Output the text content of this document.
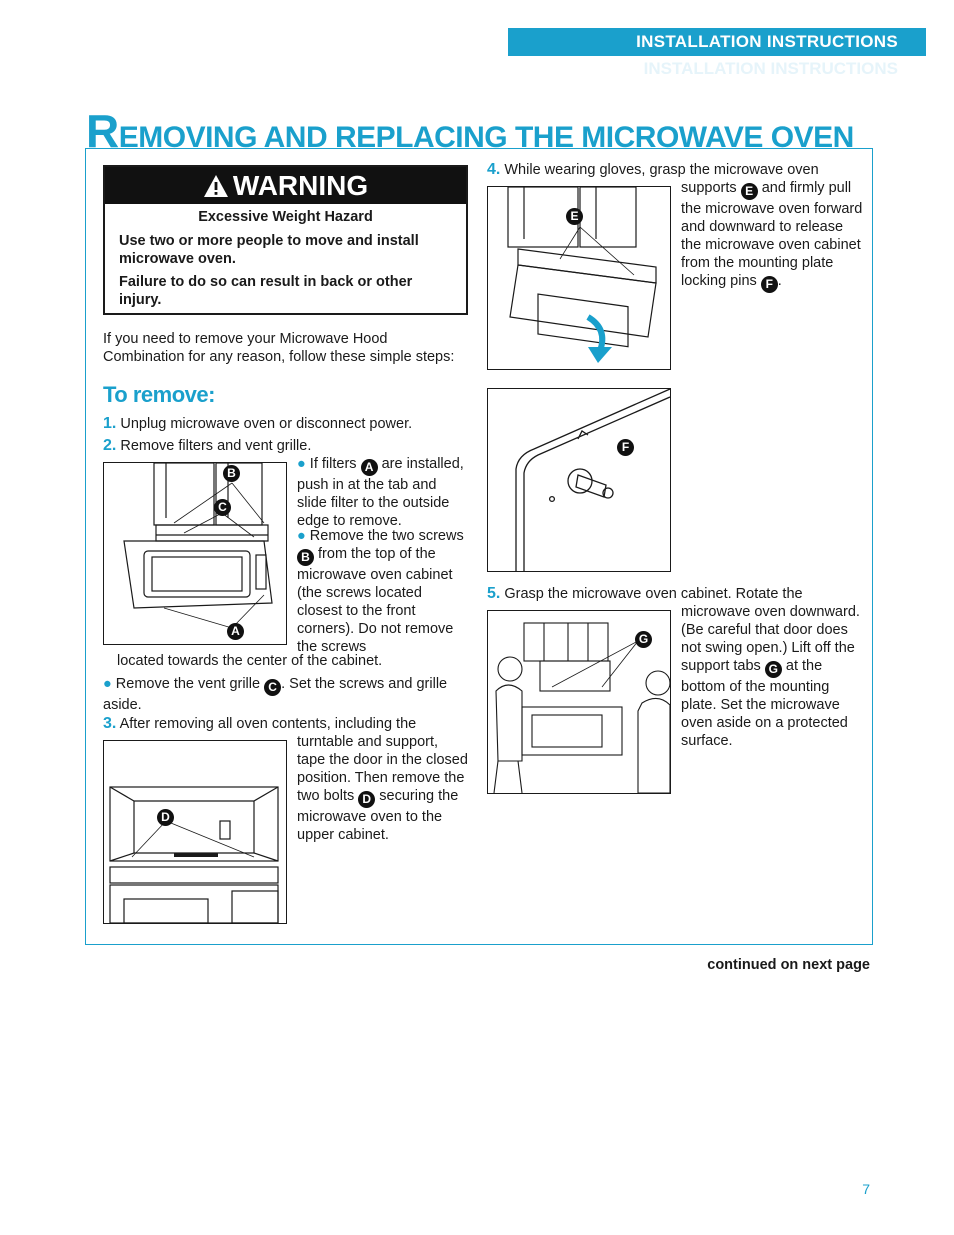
INSTALLATION INSTRUCTIONS
INSTALLATION INSTRUCTIONS
REMOVING AND REPLACING THE MICROWAVE OVEN
WARNING

Excessive Weight Hazard

Use two or more people to move and install microwave oven.

Failure to do so can result in back or other injury.

If you need to remove your Microwave Hood Combination for any reason, follow these simple steps:
To remove:
1. Unplug microwave oven or disconnect power.
2. Remove filters and vent grille.
B
C
A
● If filters A are installed, push in at the tab and slide filter to the outside edge to remove.
● Remove the two screws B from the top of the microwave oven cabinet (the screws located closest to the front corners). Do not remove the screws
located towards the center of the cabinet.
● Remove the vent grille C . Set the screws and grille aside.
3. After removing all oven contents, including the
D
turntable and support, tape the door in the closed position. Then remove the two bolts D securing the microwave oven to the upper cabinet.
4. While wearing gloves, grasp the microwave oven
E
supports E and firmly pull the microwave oven forward and downward to release the microwave oven cabinet from the mounting plate locking pins F .
F
5. Grasp the microwave oven cabinet. Rotate the
G
microwave oven downward. (Be careful that door does not swing open.) Lift off the support tabs G at the bottom of the mounting plate. Set the microwave oven aside on a protected surface.
continued on next page
7
